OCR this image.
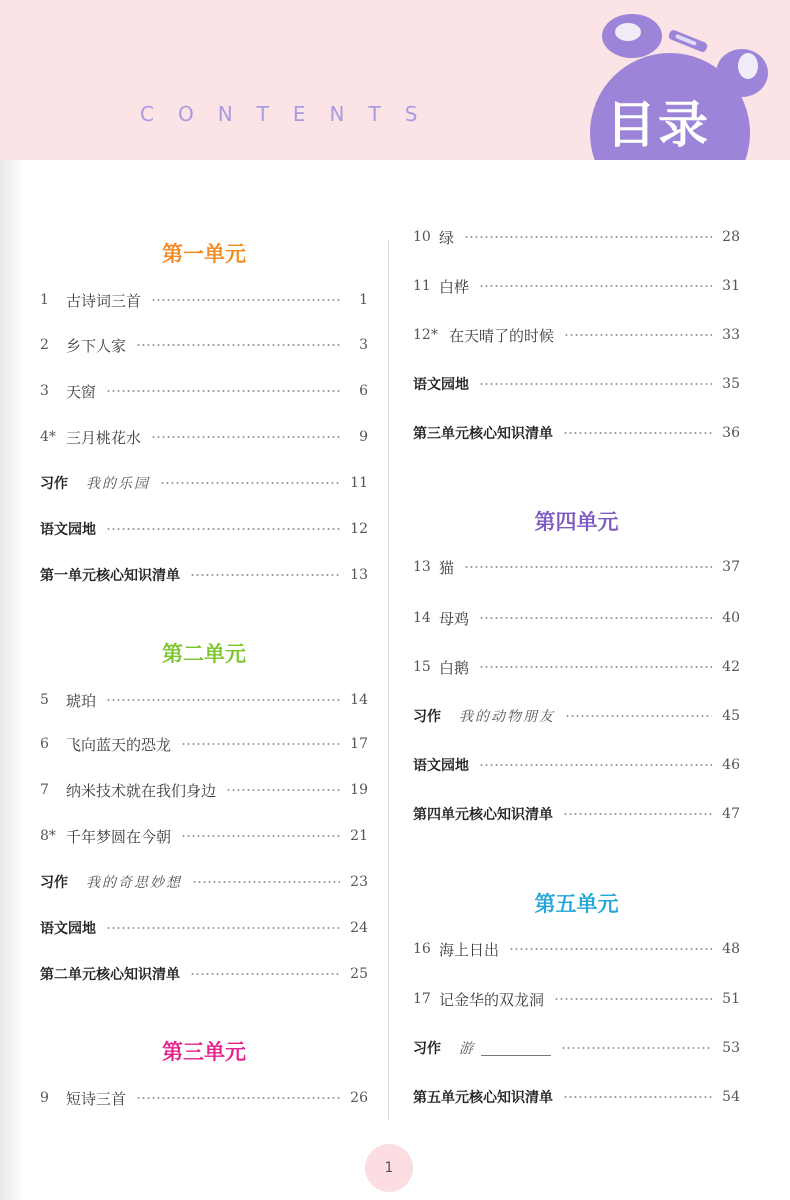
CONTENTS	目录
第一单元
1	古诗词三首	1
2	乡下人家	3
3	天窗	6
4* 三月桃花水	9
习作 我的乐园	11
语文园地	12
第一单元核心知识清单	13
第二单元
5	琥珀	14
6	飞向蓝天的恐龙	17
7	纳米技术就在我们身边	19
8* 千年梦圆在今朝	21
习作 我的奇思妙想	23
语文园地	24
第二单元核心知识清单	25
第三单元
9	短诗三首	26
10 绿	28
11 白桦	31
12* 在天晴了的时候	33
语文园地	35
第三单元核心知识清单	36
第四单元
13 猫	37
14 母鸡	40
15 白鹅	42
习作 我的动物朋友	45
语文园地	46
第四单元核心知识清单	47
第五单元
16 海上日出	48
17 记金华的双龙洞	51
习作 游	53
第五单元核心知识清单	54
1
